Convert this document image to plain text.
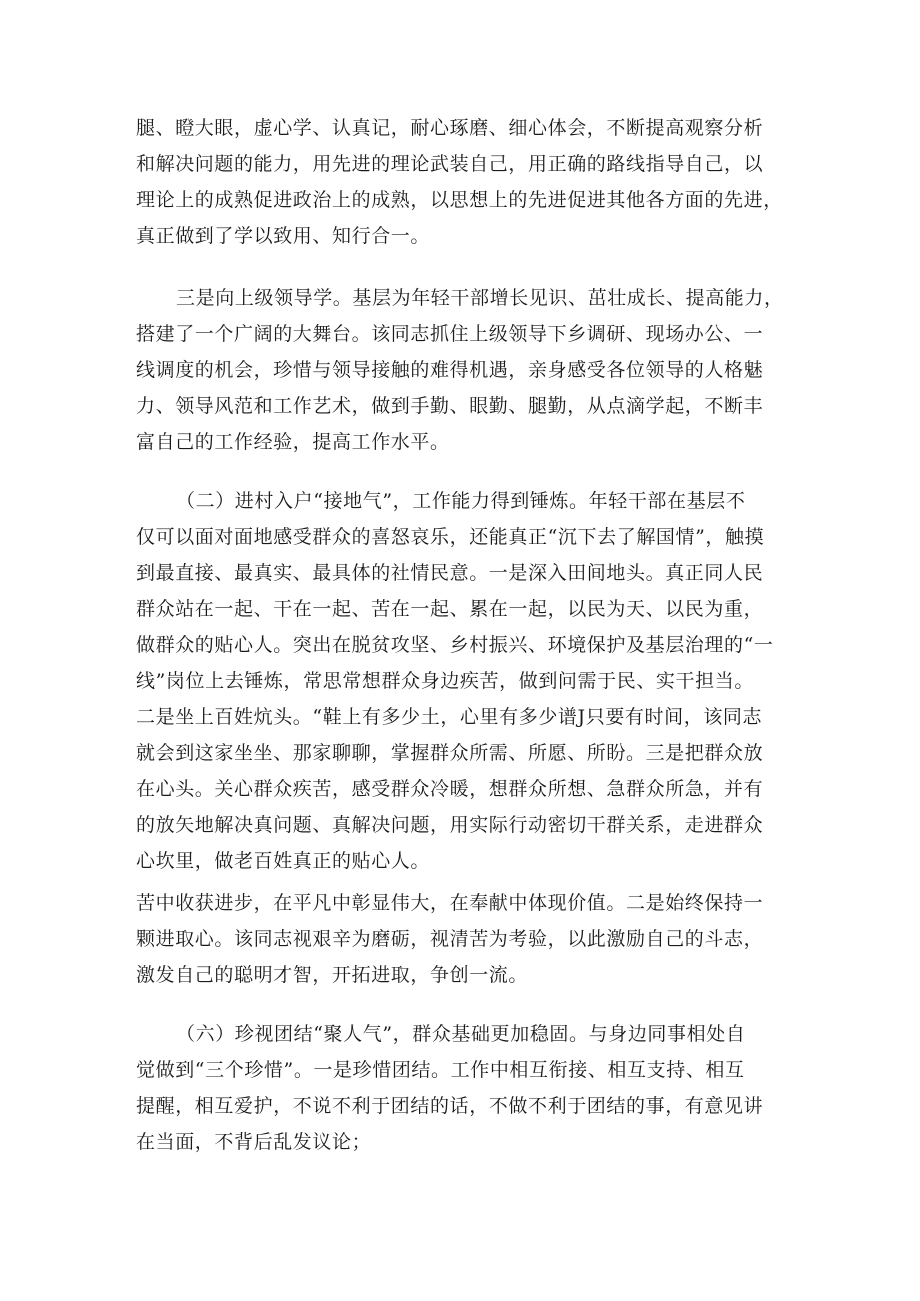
腿、瞪大眼，虚心学、认真记，耐心琢磨、细心体会，不断提高观察分析
和解决问题的能力，用先进的理论武装自己，用正确的路线指导自己，以
理论上的成熟促进政治上的成熟，以思想上的先进促进其他各方面的先进，
真正做到了学以致用、知行合一。

三是向上级领导学。基层为年轻干部增长见识、茁壮成长、提高能力，
搭建了一个广阔的大舞台。该同志抓住上级领导下乡调研、现场办公、一
线调度的机会，珍惜与领导接触的难得机遇，亲身感受各位领导的人格魅
力、领导风范和工作艺术，做到手勤、眼勤、腿勤，从点滴学起，不断丰
富自己的工作经验，提高工作水平。

（二）进村入户“接地气”，工作能力得到锤炼。年轻干部在基层不
仅可以面对面地感受群众的喜怒哀乐，还能真正“沉下去了解国情”，触摸
到最直接、最真实、最具体的社情民意。一是深入田间地头。真正同人民
群众站在一起、干在一起、苦在一起、累在一起，以民为天、以民为重，
做群众的贴心人。突出在脱贫攻坚、乡村振兴、环境保护及基层治理的“一
线”岗位上去锤炼，常思常想群众身边疾苦，做到问需于民、实干担当。
二是坐上百姓炕头。“鞋上有多少土，心里有多少谱J只要有时间，该同志
就会到这家坐坐、那家聊聊，掌握群众所需、所愿、所盼。三是把群众放
在心头。关心群众疾苦，感受群众冷暖，想群众所想、急群众所急，并有
的放矢地解决真问题、真解决问题，用实际行动密切干群关系，走进群众
心坎里，做老百姓真正的贴心人。

苦中收获进步，在平凡中彰显伟大，在奉献中体现价值。二是始终保持一
颗进取心。该同志视艰辛为磨砺，视清苦为考验，以此激励自己的斗志，
激发自己的聪明才智，开拓进取，争创一流。

（六）珍视团结“聚人气”，群众基础更加稳固。与身边同事相处自
觉做到“三个珍惜”。一是珍惜团结。工作中相互衔接、相互支持、相互
提醒，相互爱护，不说不利于团结的话，不做不利于团结的事，有意见讲
在当面，不背后乱发议论；
